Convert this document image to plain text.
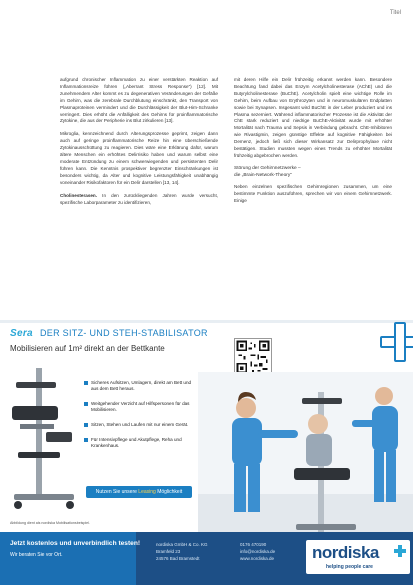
Titel

aufgrund chronischer Inflammation zu einer verstärkten Reaktion auf Inflammationsreize führen („Aberrant Stress Response“) [12]. Mit zunehmendem Alter kommt es zu degenerativen Veränderungen der Gefäße im Gehirn, was die zerebrale Durchblutung einschränkt, den Transport von Plasmaproteinen vermindert und die Durchlässigkeit der Blut-Hirn-Schranke verringert. Dies erhöht die Anfälligkeit des Gehirns für proinflammatorische Zytokine, die aus der Peripherie ins Blut zirkulieren [13].

Mikroglia, kennzeichnend durch Alterungsprozesse geprimt, zeigen dann auch auf geringe proinflammatorische Reize hin eine überschießende Zytokinausschüttung zu reagieren. Dies wäre eine Erklärung dafür, warum ältere Menschen ein erhöhtes Delirrisiko haben und warum selbst eine moderate Entzündung zu einem schwerwiegenden und persistenten Delir führen kann. Die Kenntnis prospektiver begrenzter Einschränkungen ist besonders wichtig, da Alter und kognitive Leistungsfähigkeit unabhängig voneinander Risikofaktoren für ein Delir darstellen [13, 14].

Cholinesterasen. In den zurückliegenden Jahren wurde versucht, spezifische Laborparameter zu identifizieren,

mit deren Hilfe ein Delir frühzeitig erkannt werden kann. Besondere Beachtung fand dabei das Enzym Acetylcholinesterase (AChE) und die Butyrylcholinesterase (BuChE). Acetylcholin spielt eine wichtige Rolle im Gehirn, beim Aufbau von Erythrozyten und in neuromuskulären Endplatten sowie bei Synapsen. Insgesamt wird BuChE in der Leber produziert und ins Plasma sezerniert. Während inflammatorischer Prozesse ist die Aktivität der ChE stark reduziert und niedrige BuChE-Aktivität wurde mit erhöhter Mortalität nach Trauma und Sepsis in Verbindung gebracht. ChE-Inhibitoren wie Rivastigmin, zeigen günstige Effekte auf kognitive Fähigkeiten bei Demenz, jedoch ließ sich dieser Wirkansatz zur Delirprophylaxe nicht bestätigen. Studien mussten wegen eines Trends zu erhöhter Mortalität frühzeitig abgebrochen werden.

Störung der Gehirnnetzwerke –
die „Brain-Network-Theory“

Neben einzelnen spezifischen Gehirnregionen zusammen, um eine bestimmte Funktion auszuführen, sprechen wir von einem Gehirnnetzwerk. Einige

Sera DER SITZ- UND STEH-STABILISATOR
Mobilisieren auf 1m² direkt an der Bettkante
Sicheres Aufsitzen, Umlagern, direkt am Bett und aus dem Bett heraus.
Weitgehender Verzicht auf Hilfspersonen für das Mobilisieren.
Sitzen, Stehen und Laufen mit nur einem Gerät.
Für Intensivpflege und Akutpflege, Reha und Krankenhaus.
Nutzen Sie unsere Leasing Möglichkeit
Abbildung dient als nordiska Mobilisationsbeispiel.
Jetzt kostenlos und unverbindlich testen!
Wir beraten Sie vor Ort.
nordiska GmbH & Co. KG
Bramfeld 23
24576 Bad Bramstedt
0176 470190
info@nordiska.de
www.nordiska.de nordiska
helping people care
